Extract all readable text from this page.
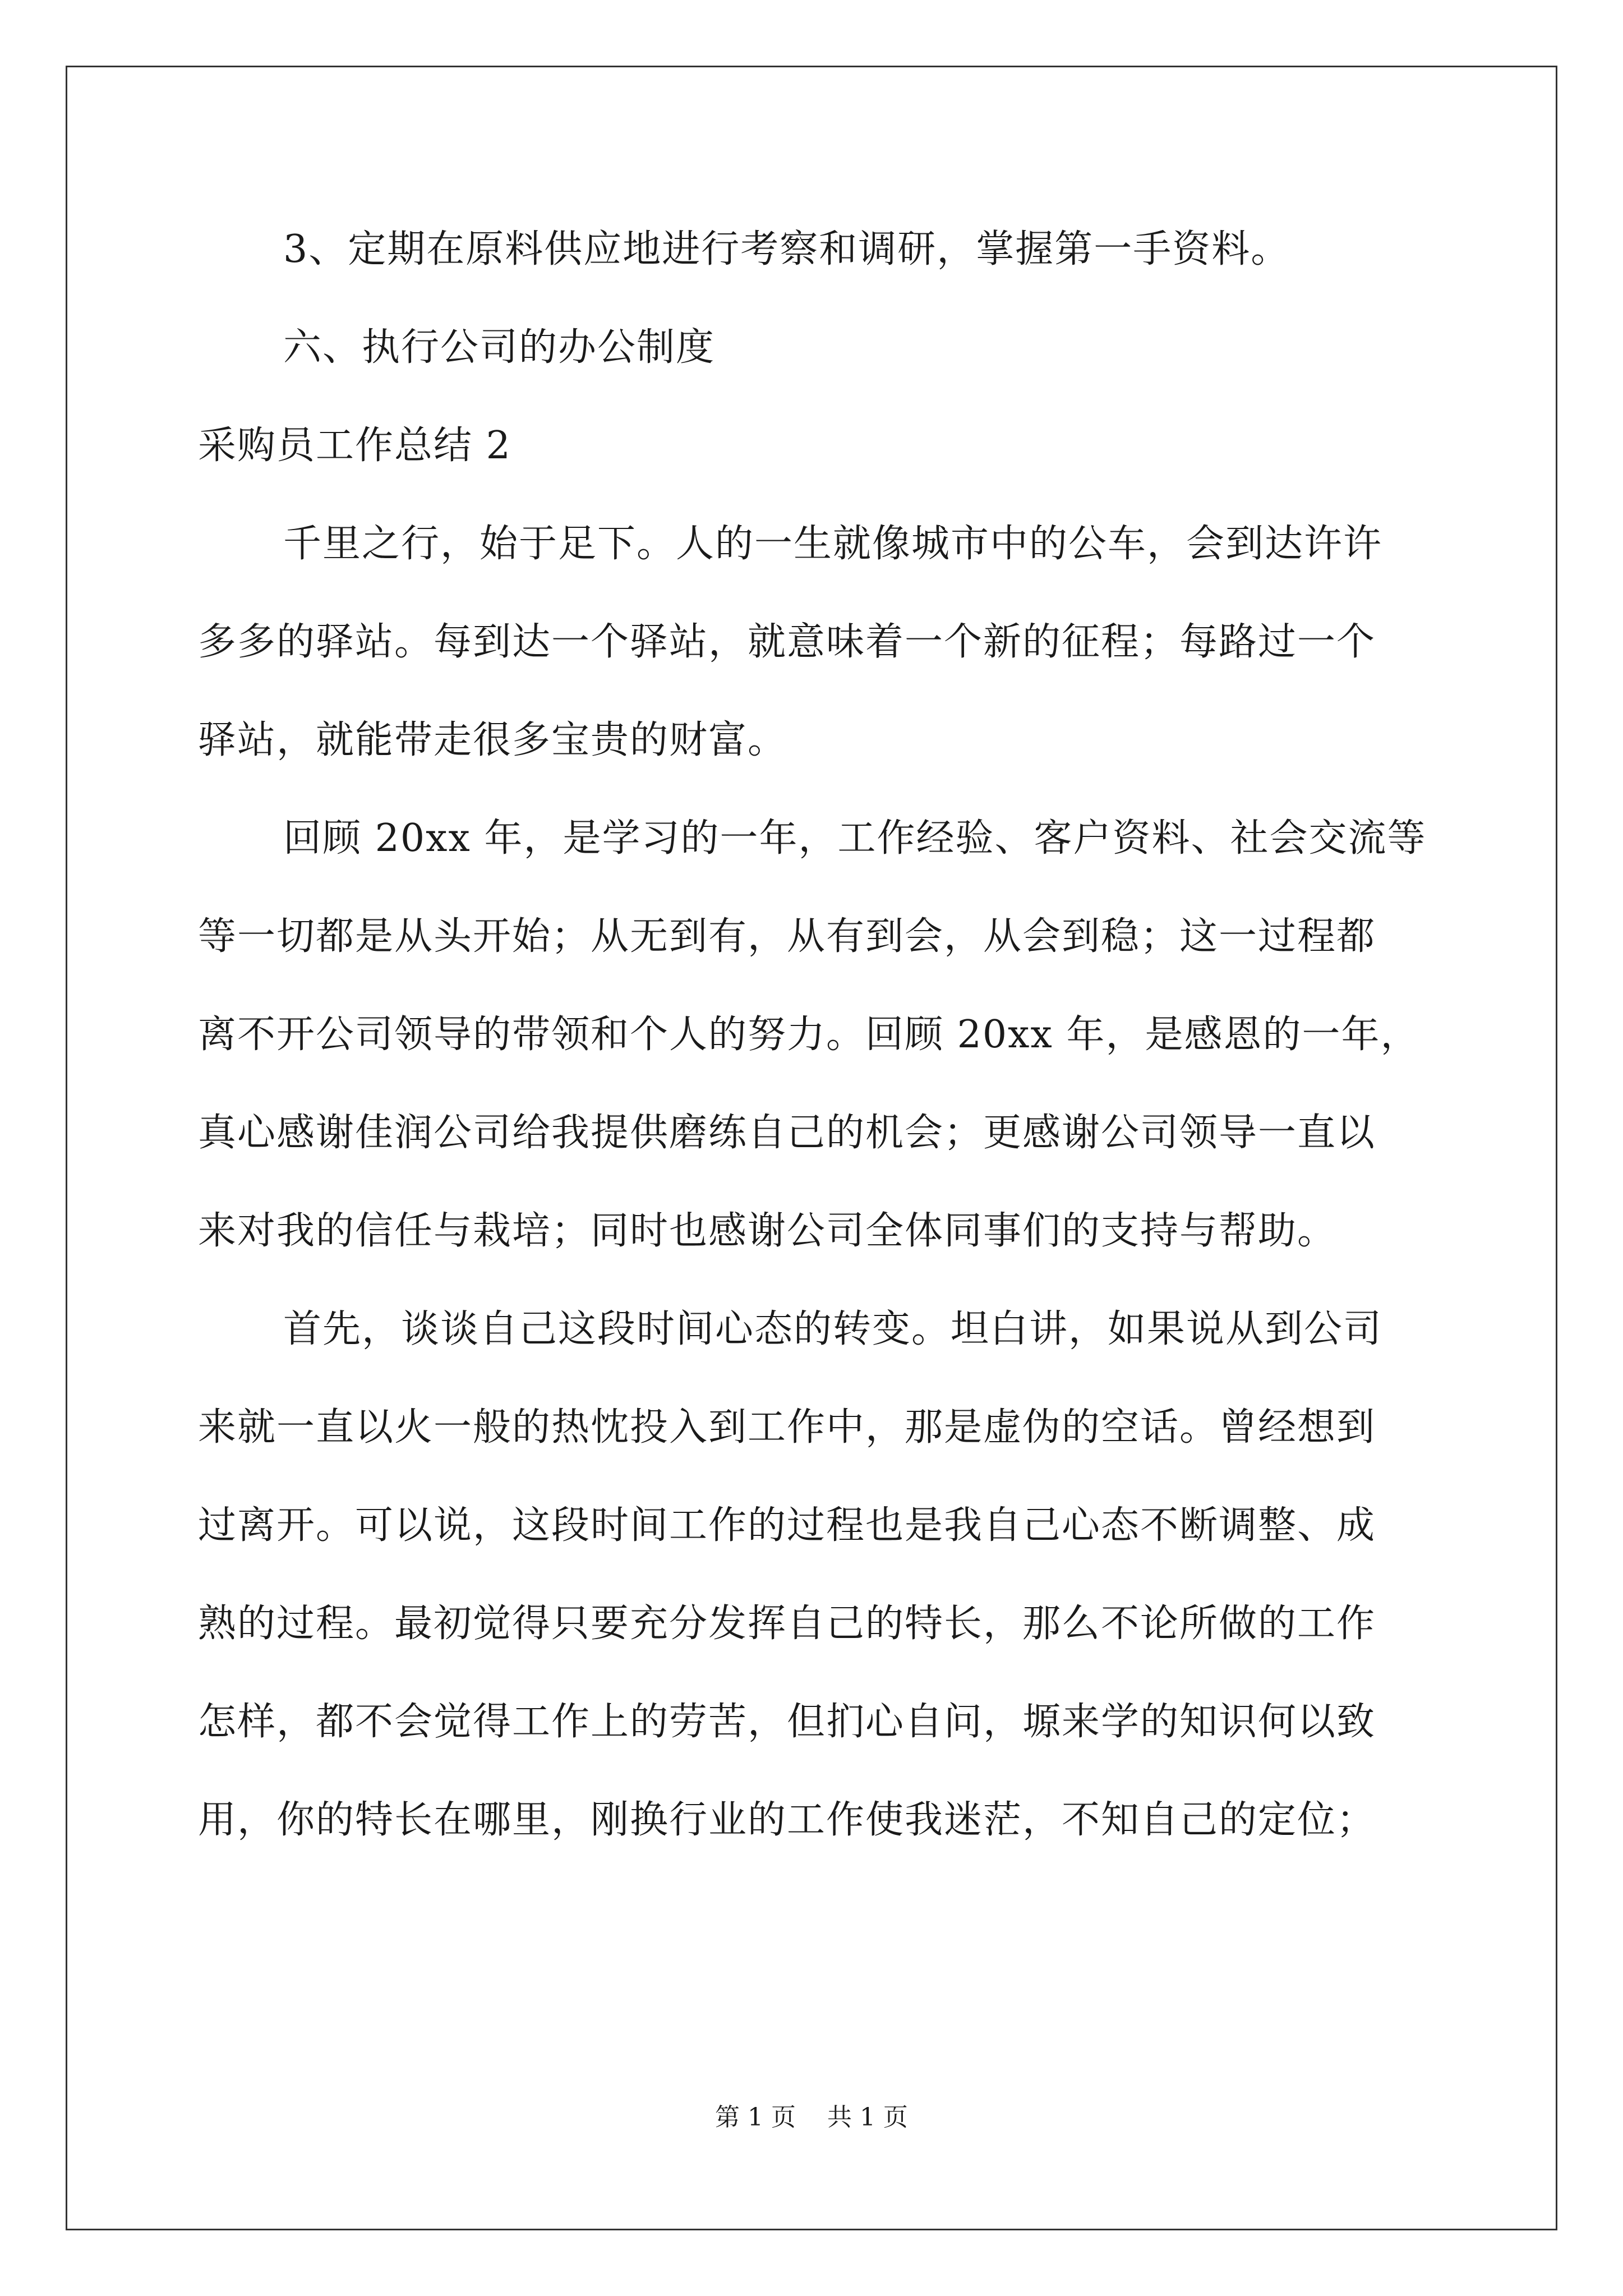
3、定期在原料供应地进行考察和调研，掌握第一手资料。
六、执行公司的办公制度
采购员工作总结 2
千里之行，始于足下。人的一生就像城市中的公车，会到达许许
多多的驿站。每到达一个驿站，就意味着一个新的征程；每路过一个
驿站，就能带走很多宝贵的财富。
回顾 20xx 年，是学习的一年，工作经验、客户资料、社会交流等
等一切都是从头开始；从无到有，从有到会，从会到稳；这一过程都
离不开公司领导的带领和个人的努力。回顾 20xx 年，是感恩的一年，
真心感谢佳润公司给我提供磨练自己的机会；更感谢公司领导一直以
来对我的信任与栽培；同时也感谢公司全体同事们的支持与帮助。
首先，谈谈自己这段时间心态的转变。坦白讲，如果说从到公司
来就一直以火一般的热忱投入到工作中，那是虚伪的空话。曾经想到
过离开。可以说，这段时间工作的过程也是我自己心态不断调整、成
熟的过程。最初觉得只要充分发挥自己的特长，那么不论所做的工作
怎样，都不会觉得工作上的劳苦，但扪心自问，塬来学的知识何以致
用，你的特长在哪里，刚换行业的工作使我迷茫，不知自己的定位；
第 1 页    共 1 页
